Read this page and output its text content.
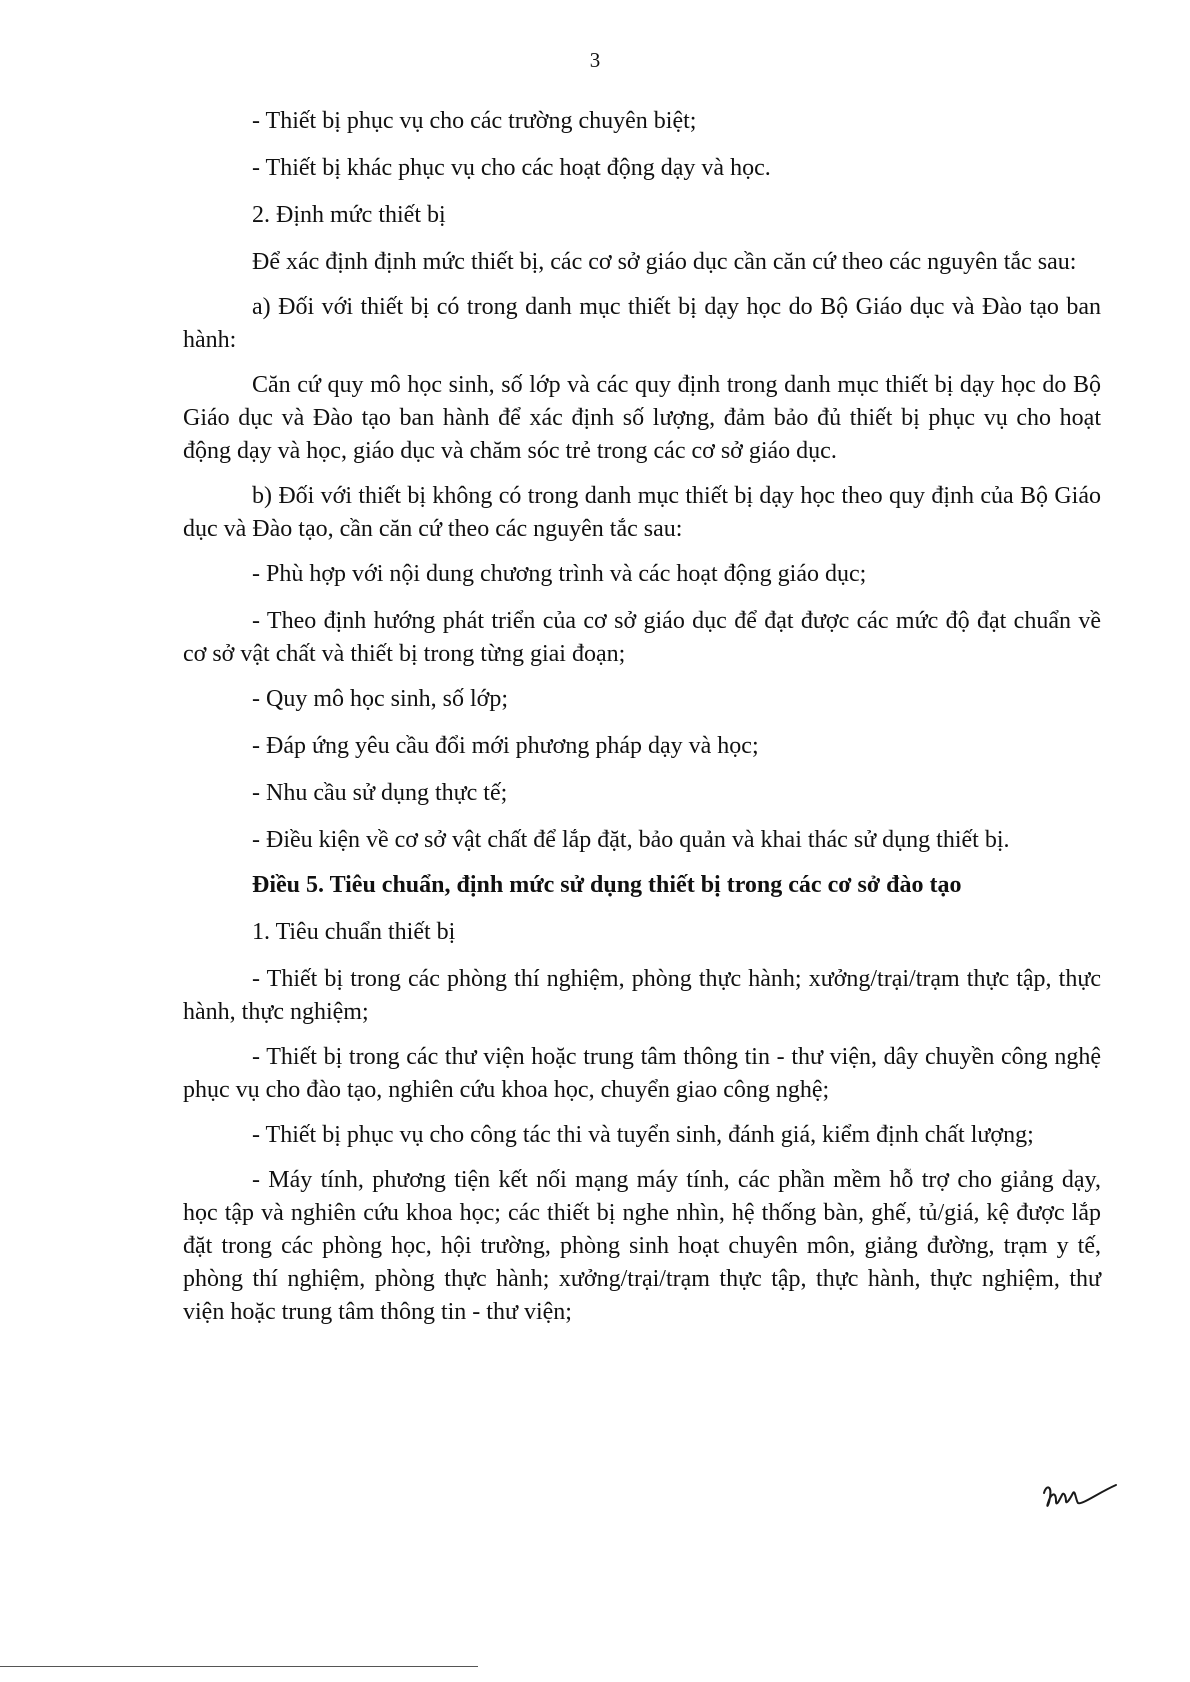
3

- Thiết bị phục vụ cho các trường chuyên biệt;

- Thiết bị khác phục vụ cho các hoạt động dạy và học.

2. Định mức thiết bị

Để xác định định mức thiết bị, các cơ sở giáo dục cần căn cứ theo các nguyên tắc sau:

a) Đối với thiết bị có trong danh mục thiết bị dạy học do Bộ Giáo dục và Đào tạo ban hành:

Căn cứ quy mô học sinh, số lớp và các quy định trong danh mục thiết bị dạy học do Bộ Giáo dục và Đào tạo ban hành để xác định số lượng, đảm bảo đủ thiết bị phục vụ cho hoạt động dạy và học, giáo dục và chăm sóc trẻ trong các cơ sở giáo dục.

b) Đối với thiết bị không có trong danh mục thiết bị dạy học theo quy định của Bộ Giáo dục và Đào tạo, cần căn cứ theo các nguyên tắc sau:

- Phù hợp với nội dung chương trình và các hoạt động giáo dục;

- Theo định hướng phát triển của cơ sở giáo dục để đạt được các mức độ đạt chuẩn về cơ sở vật chất và thiết bị trong từng giai đoạn;

- Quy mô học sinh, số lớp;

- Đáp ứng yêu cầu đổi mới phương pháp dạy và học;

- Nhu cầu sử dụng thực tế;

- Điều kiện về cơ sở vật chất để lắp đặt, bảo quản và khai thác sử dụng thiết bị.

Điều 5. Tiêu chuẩn, định mức sử dụng thiết bị trong các cơ sở đào tạo

1. Tiêu chuẩn thiết bị

- Thiết bị trong các phòng thí nghiệm, phòng thực hành; xưởng/trại/trạm thực tập, thực hành, thực nghiệm;

- Thiết bị trong các thư viện hoặc trung tâm thông tin - thư viện, dây chuyền công nghệ phục vụ cho đào tạo, nghiên cứu khoa học, chuyển giao công nghệ;

- Thiết bị phục vụ cho công tác thi và tuyển sinh, đánh giá, kiểm định chất lượng;

- Máy tính, phương tiện kết nối mạng máy tính, các phần mềm hỗ trợ cho giảng dạy, học tập và nghiên cứu khoa học; các thiết bị nghe nhìn, hệ thống bàn, ghế, tủ/giá, kệ được lắp đặt trong các phòng học, hội trường, phòng sinh hoạt chuyên môn, giảng đường, trạm y tế, phòng thí nghiệm, phòng thực hành; xưởng/trại/trạm thực tập, thực hành, thực nghiệm, thư viện hoặc trung tâm thông tin - thư viện;
